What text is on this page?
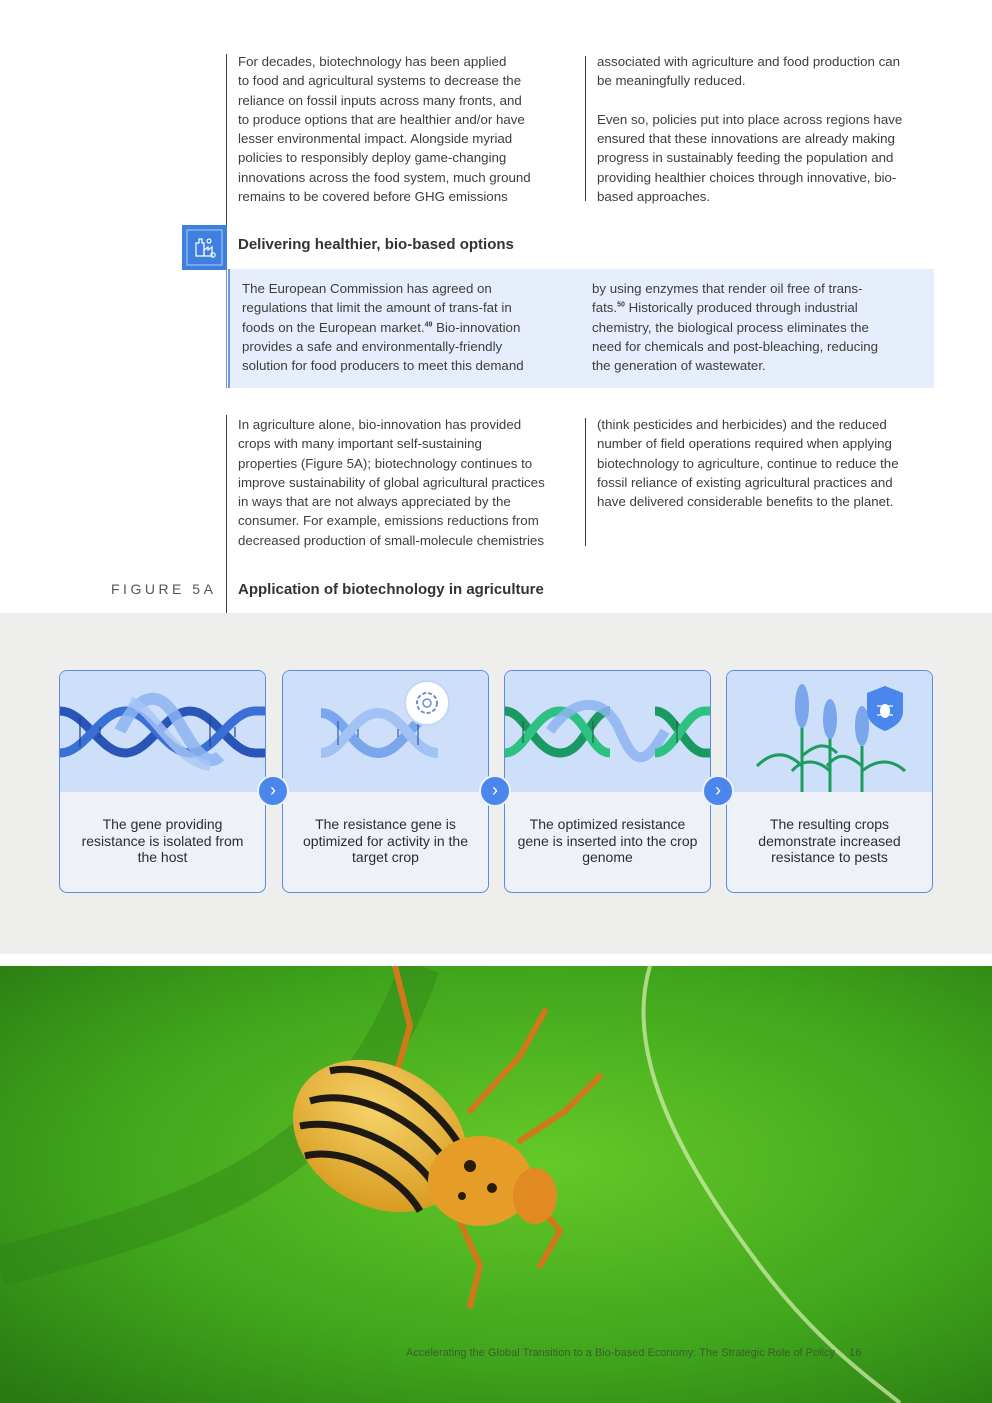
For decades, biotechnology has been applied
to food and agricultural systems to decrease the
reliance on fossil inputs across many fronts, and
to produce options that are healthier and/or have
lesser environmental impact. Alongside myriad
policies to responsibly deploy game-changing
innovations across the food system, much ground
remains to be covered before GHG emissions
associated with agriculture and food production can
be meaningfully reduced.
Even so, policies put into place across regions have
ensured that these innovations are already making
progress in sustainably feeding the population and
providing healthier choices through innovative, bio-
based approaches.
Delivering healthier, bio-based options
The European Commission has agreed on
regulations that limit the amount of trans-fat in
foods on the European market.$^{49}$ Bio-innovation
provides a safe and environmentally-friendly
solution for food producers to meet this demand
by using enzymes that render oil free of trans-
fats.$^{50}$ Historically produced through industrial
chemistry, the biological process eliminates the
need for chemicals and post-bleaching, reducing
the generation of wastewater.
In agriculture alone, bio-innovation has provided
crops with many important self-sustaining
properties (Figure 5A); biotechnology continues to
improve sustainability of global agricultural practices
in ways that are not always appreciated by the
consumer. For example, emissions reductions from
decreased production of small-molecule chemistries
(think pesticides and herbicides) and the reduced
number of field operations required when applying
biotechnology to agriculture, continue to reduce the
fossil reliance of existing agricultural practices and
have delivered considerable benefits to the planet.
FIGURE 5A Application of biotechnology in agriculture
The gene providing resistance is isolated from the host
›
The resistance gene is optimized for activity in the target crop
›
The optimized resistance gene is inserted into the crop genome
›
The resulting crops demonstrate increased resistance to pests
Accelerating the Global Transition to a Bio-based Economy: The Strategic Role of Policy 16
